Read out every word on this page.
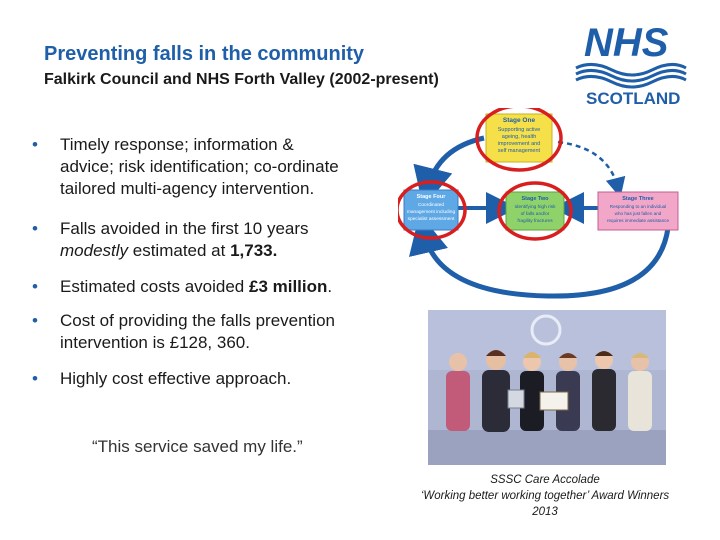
Preventing falls in the community
Falkirk Council and NHS Forth Valley (2002-present)
NHS
SCOTLAND
• Timely response; information &
advice; risk identification; co-ordinate
tailored multi-agency intervention.
• Falls avoided in the first 10 years
modestly estimated at 1,733.
• Estimated costs avoided £3 million.
• Cost of providing the falls prevention
intervention is £128, 360.
• Highly cost effective approach.
“This service saved my life.”
Stage One
Supporting active
ageing, health
improvement and
self management
Stage Four
Coordinated
management including
specialist assessment
Stage Two
Identifying high risk
of falls and/or
fragility fractures
Stage Three
Responding to an individual
who has just fallen and
requires immediate assistance
SSSC Care Accolade
‘Working better working together’ Award Winners
2013
